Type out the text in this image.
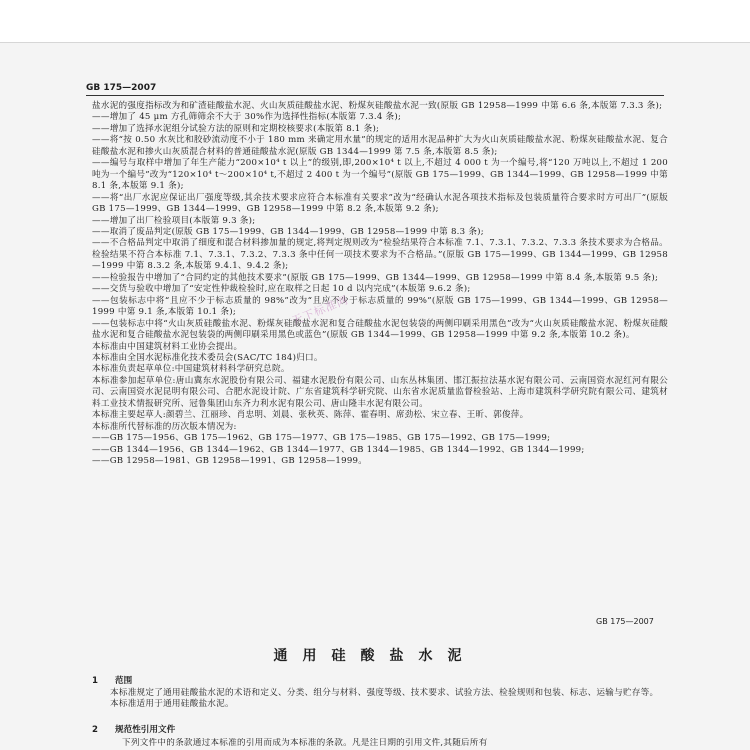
GB 175—2007

盐水泥的强度指标改为和矿渣硅酸盐水泥、火山灰质硅酸盐水泥、粉煤灰硅酸盐水泥一致(原版 GB 12958—1999 中第 6.6 条,本版第 7.3.3 条);

——增加了 45 μm 方孔筛筛余不大于 30%作为选择性指标(本版第 7.3.4 条);

——增加了选择水泥组分试验方法的原则和定期校核要求(本版第 8.1 条);

——将“按 0.50 水灰比和胶砂流动度不小于 180 mm 来确定用水量”的规定的适用水泥品种扩大为火山灰质硅酸盐水泥、粉煤灰硅酸盐水泥、复合硅酸盐水泥和掺火山灰质混合材料的普通硅酸盐水泥(原版 GB 1344—1999 第 7.5 条,本版第 8.5 条);

——编号与取样中增加了年生产能力“200×10⁴ t 以上”的级别,即,200×10⁴ t 以上,不超过 4 000 t 为一个编号,将“120 万吨以上,不超过 1 200 吨为一个编号”改为“120×10⁴ t～200×10⁴ t,不超过 2 400 t 为一个编号”(原版 GB 175—1999、GB 1344—1999、GB 12958—1999 中第 8.1 条,本版第 9.1 条);

——将“出厂水泥应保证出厂强度等级,其余技术要求应符合本标准有关要求”改为“经确认水泥各项技术指标及包装质量符合要求时方可出厂”(原版 GB 175—1999、GB 1344—1999、GB 12958—1999 中第 8.2 条,本版第 9.2 条);

——增加了出厂检验项目(本版第 9.3 条);

——取消了废品判定(原版 GB 175—1999、GB 1344—1999、GB 12958—1999 中第 8.3 条);

——不合格品判定中取消了细度和混合材料掺加量的规定,将判定规则改为“检验结果符合本标准 7.1、7.3.1、7.3.2、7.3.3 条技术要求为合格品。检验结果不符合本标准 7.1、7.3.1、7.3.2、7.3.3 条中任何一项技术要求为不合格品。”(原版 GB 175—1999、GB 1344—1999、GB 12958—1999 中第 8.3.2 条,本版第 9.4.1、9.4.2 条);

——检验报告中增加了“合同约定的其他技术要求”(原版 GB 175—1999、GB 1344—1999、GB 12958—1999 中第 8.4 条,本版第 9.5 条);

——交货与验收中增加了“安定性仲裁检验时,应在取样之日起 10 d 以内完成”(本版第 9.6.2 条);

——包装标志中将“且应不少于标志质量的 98%”改为“且应不少于标志质量的 99%”(原版 GB 175—1999、GB 1344—1999、GB 12958—1999 中第 9.1 条,本版第 10.1 条);

——包装标志中将“火山灰质硅酸盐水泥、粉煤灰硅酸盐水泥和复合硅酸盐水泥包装袋的两侧印刷采用黑色”改为“火山灰质硅酸盐水泥、粉煤灰硅酸盐水泥和复合硅酸盐水泥包装袋的两侧印刷采用黑色或蓝色”(原版 GB 1344—1999、GB 12958—1999 中第 9.2 条,本版第 10.2 条)。

本标准由中国建筑材料工业协会提出。

本标准由全国水泥标准化技术委员会(SAC/TC 184)归口。

本标准负责起草单位:中国建筑材料科学研究总院。

本标准参加起草单位:唐山冀东水泥股份有限公司、福建水泥股份有限公司、山东丛林集团、邯江振拉法基水泥有限公司、云南国资水泥红河有限公司、云南国资水泥昆明有限公司、合肥水泥设计院、广东省建筑科学研究院、山东省水泥质量监督检验站、上海市建筑科学研究院有限公司、建筑材料工业技术情报研究所、冠鲁集团山东齐力利水泥有限公司、唐山隆丰水泥有限公司。

本标准主要起草人:颜碧兰、江丽珍、肖忠明、刘晨、张秋英、陈萍、霍春明、席劲松、宋立春、王昕、郭俊萍。

本标准所代替标准的历次版本情况为:

——GB 175—1956、GB 175—1962、GB 175—1977、GB 175—1985、GB 175—1992、GB 175—1999;

——GB 1344—1956、GB 1344—1962、GB 1344—1977、GB 1344—1985、GB 1344—1992、GB 1344—1999;

——GB 12958—1981、GB 12958—1991、GB 12958—1999。

天下标准网
GB 175—2007
通用硅酸盐水泥
1 范围

本标准规定了通用硅酸盐水泥的术语和定义、分类、组分与材料、强度等级、技术要求、试验方法、检验规则和包装、标志、运输与贮存等。

本标准适用于通用硅酸盐水泥。

2 规范性引用文件

下列文件中的条款通过本标准的引用而成为本标准的条款。凡是注日期的引用文件,其随后所有
